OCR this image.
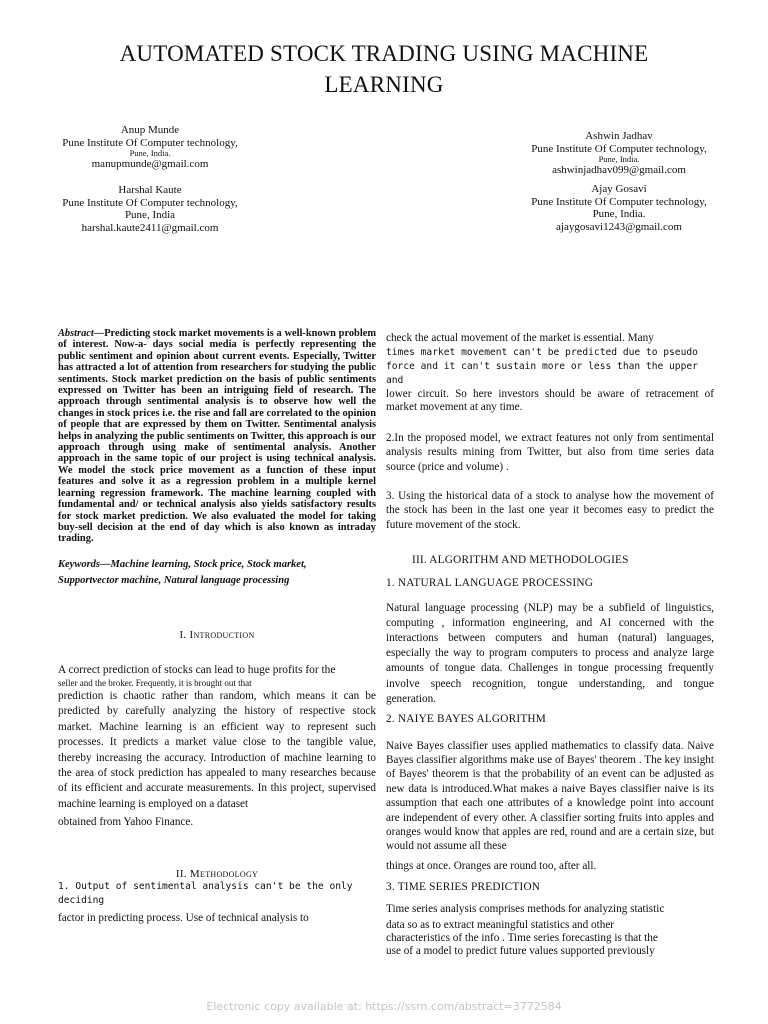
AUTOMATED STOCK TRADING USING MACHINE
LEARNING
Anup Munde
Pune Institute Of Computer technology,
Pune, India.
manupmunde@gmail.com
Harshal Kaute
Pune Institute Of Computer technology,
Pune, India
harshal.kaute2411@gmail.com
Ashwin Jadhav
Pune Institute Of Computer technology,
Pune, India.
ashwinjadhav099@gmail.com
Ajay Gosavi
Pune Institute Of Computer technology,
Pune, India.
ajaygosavi1243@gmail.com

Abstract—Predicting stock market movements is a well-known problem of interest. Now-a- days social media is perfectly representing the public sentiment and opinion about current events. Especially, Twitter has attracted a lot of attention from researchers for studying the public sentiments. Stock market prediction on the basis of public sentiments expressed on Twitter has been an intriguing field of research. The approach through sentimental analysis is to observe how well the changes in stock prices i.e. the rise and fall are correlated to the opinion of people that are expressed by them on Twitter. Sentimental analysis helps in analyzing the public sentiments on Twitter, this approach is our approach through using make of sentimental analysis. Another approach in the same topic of our project is using technical analysis. We model the stock price movement as a function of these input features and solve it as a regression problem in a multiple kernel learning regression framework. The machine learning coupled with fundamental and/ or technical analysis also yields satisfactory results for stock market prediction. We also evaluated the model for taking buy-sell decision at the end of day which is also known as intraday trading.

Keywords—Machine learning, Stock price, Stock market,
Supportvector machine, Natural language processing
I. Introduction

A correct prediction of stocks can lead to huge profits for the

seller and the broker. Frequently, it is brought out that

prediction is chaotic rather than random, which means it can be predicted by carefully analyzing the history of respective stock market. Machine learning is an efficient way to represent such processes. It predicts a market value close to the tangible value, thereby increasing the accuracy. Introduction of machine learning to the area of stock prediction has appealed to many researches because of its efficient and accurate measurements. In this project, supervised machine learning is employed on a dataset

obtained from Yahoo Finance.

II. Methodology

1. Output of sentimental analysis can't be the only deciding

factor in predicting process. Use of technical analysis to

check the actual movement of the market is essential. Many

times market movement can't be predicted due to pseudo

force and it can't sustain more or less than the upper and

lower circuit. So here investors should be aware of retracement of market movement at any time.

2.In the proposed model, we extract features not only from sentimental analysis results mining from Twitter, but also from time series data source (price and volume) .

3. Using the historical data of a stock to analyse how the movement of the stock has been in the last one year it becomes easy to predict the future movement of the stock.

III. ALGORITHM AND METHODOLOGIES
1. NATURAL LANGUAGE PROCESSING

Natural language processing (NLP) may be a subfield of linguistics, computing , information engineering, and AI concerned with the interactions between computers and human (natural) languages, especially the way to program computers to process and analyze large amounts of tongue data. Challenges in tongue processing frequently involve speech recognition, tongue understanding, and tongue generation.

2. NAIYE BAYES ALGORITHM

Naive Bayes classifier uses applied mathematics to classify data. Naive Bayes classifier algorithms make use of Bayes' theorem . The key insight of Bayes' theorem is that the probability of an event can be adjusted as new data is introduced.What makes a naive Bayes classifier naive is its assumption that each one attributes of a knowledge point into account are independent of every other. A classifier sorting fruits into apples and oranges would know that apples are red, round and are a certain size, but would not assume all these

things at once. Oranges are round too, after all.

3. TIME SERIES PREDICTION

Time series analysis comprises methods for analyzing statistic

data so as to extract meaningful statistics and other

characteristics of the info . Time series forecasting is that the

use of a model to predict future values supported previously

Electronic copy available at: https://ssrn.com/abstract=3772584
